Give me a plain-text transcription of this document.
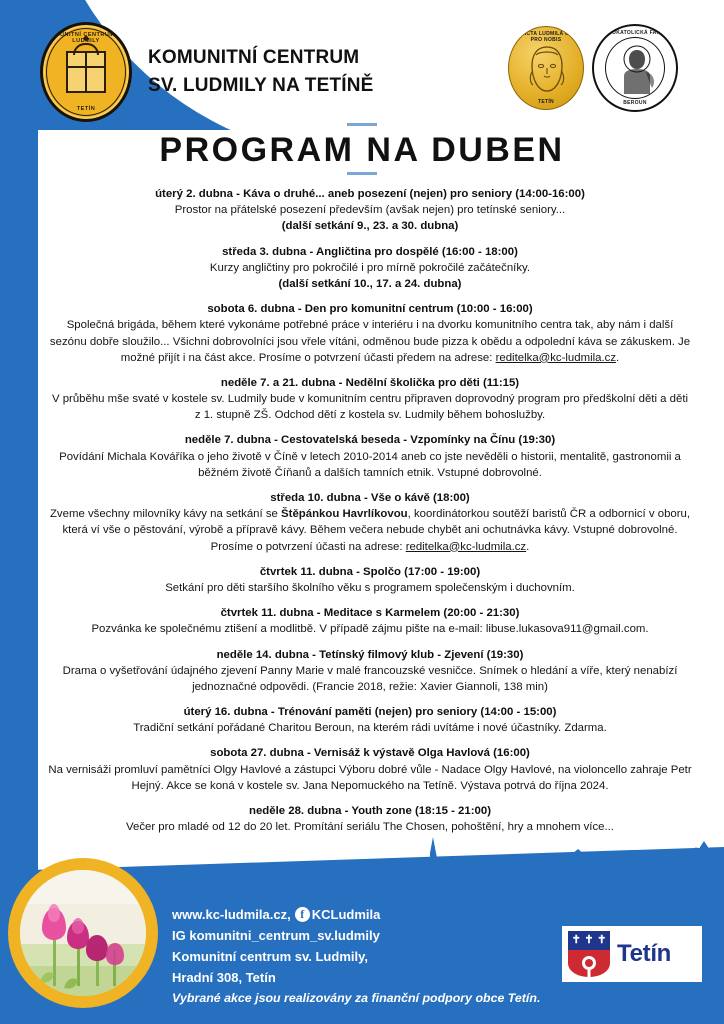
KOMUNITNÍ CENTRUM SV. LUDMILY
TETÍN
KOMUNITNÍ CENTRUM
SV. LUDMILY NA TETÍNĚ
SANCTA LUDMILA ORA PRO NOBIS
TETÍN
ŘÍMSKOKATOLICKÁ FARNOST
BEROUN
PROGRAM NA DUBEN
úterý 2. dubna - Káva o druhé... aneb posezení (nejen) pro seniory (14:00-16:00)
Prostor na přátelské posezení především (avšak nejen) pro tetínské seniory...
(další setkání 9., 23. a 30. dubna)
středa 3. dubna - Angličtina pro dospělé (16:00 - 18:00)
Kurzy angličtiny pro pokročilé i pro mírně pokročilé začátečníky.
(další setkání 10., 17. a 24. dubna)
sobota 6. dubna - Den pro komunitní centrum (10:00 - 16:00)
Společná brigáda, během které vykonáme potřebné práce v interiéru i na dvorku komunitního centra tak, aby nám i další sezónu dobře sloužilo... Všichni dobrovolníci jsou vřele vítáni, odměnou bude pizza k obědu a odpolední káva se zákuskem. Je možné přijít i na část akce. Prosíme o potvrzení účasti předem na adrese: reditelka@kc-ludmila.cz.
neděle 7. a 21. dubna - Nedělní školička pro děti (11:15)
V průběhu mše svaté v kostele sv. Ludmily bude v komunitním centru připraven doprovodný program pro předškolní děti a děti z 1. stupně ZŠ. Odchod dětí z kostela sv. Ludmily během bohoslužby.
neděle 7. dubna - Cestovatelská beseda - Vzpomínky na Čínu (19:30)
Povídání Michala Kováříka o jeho životě v Číně v letech 2010-2014 aneb co jste nevěděli o historii, mentalitě, gastronomii a běžném životě Číňanů a dalších tamních etnik. Vstupné dobrovolné.
středa 10. dubna - Vše o kávě (18:00)
Zveme všechny milovníky kávy na setkání se Štěpánkou Havrlíkovou, koordinátorkou soutěží baristů ČR a odbornicí v oboru, která ví vše o pěstování, výrobě a přípravě kávy. Během večera nebude chybět ani ochutnávka kávy. Vstupné dobrovolné. Prosíme o potvrzení účasti na adrese: reditelka@kc-ludmila.cz.
čtvrtek 11. dubna - Spolčo (17:00 - 19:00)
Setkání pro děti staršího školního věku s programem společenským i duchovním.
čtvrtek 11. dubna - Meditace s Karmelem (20:00 - 21:30)
Pozvánka ke společnému ztišení a modlitbě. V případě zájmu pište na e-mail: libuse.lukasova911@gmail.com.
neděle 14. dubna - Tetínský filmový klub - Zjevení (19:30)
Drama o vyšetřování údajného zjevení Panny Marie v malé francouzské vesničce. Snímek o hledání a víře, který nenabízí jednoznačné odpovědi. (Francie 2018, režie: Xavier Giannoli, 138 min)
úterý 16. dubna - Trénování paměti (nejen) pro seniory (14:00 - 15:00)
Tradiční setkání pořádané Charitou Beroun, na kterém rádi uvítáme i nové účastníky. Zdarma.
sobota 27. dubna - Vernisáž k výstavě Olga Havlová (16:00)
Na vernisáži promluví pamětníci Olgy Havlové a zástupci Výboru dobré vůle - Nadace Olgy Havlové, na violoncello zahraje Petr Hejný. Akce se koná v kostele sv. Jana Nepomuckého na Tetíně. Výstava potrvá do října 2024.
neděle 28. dubna - Youth zone (18:15 - 21:00)
Večer pro mladé od 12 do 20 let. Promítání seriálu The Chosen, pohoštění, hry a mnohem více...
www.kc-ludmila.cz , f KCLudmila
IG komunitni_centrum_sv.ludmily
Komunitní centrum sv. Ludmily,
Hradní 308, Tetín
Vybrané akce jsou realizovány za finanční podpory obce Tetín.
✝ ✝ ✝ Tetín
